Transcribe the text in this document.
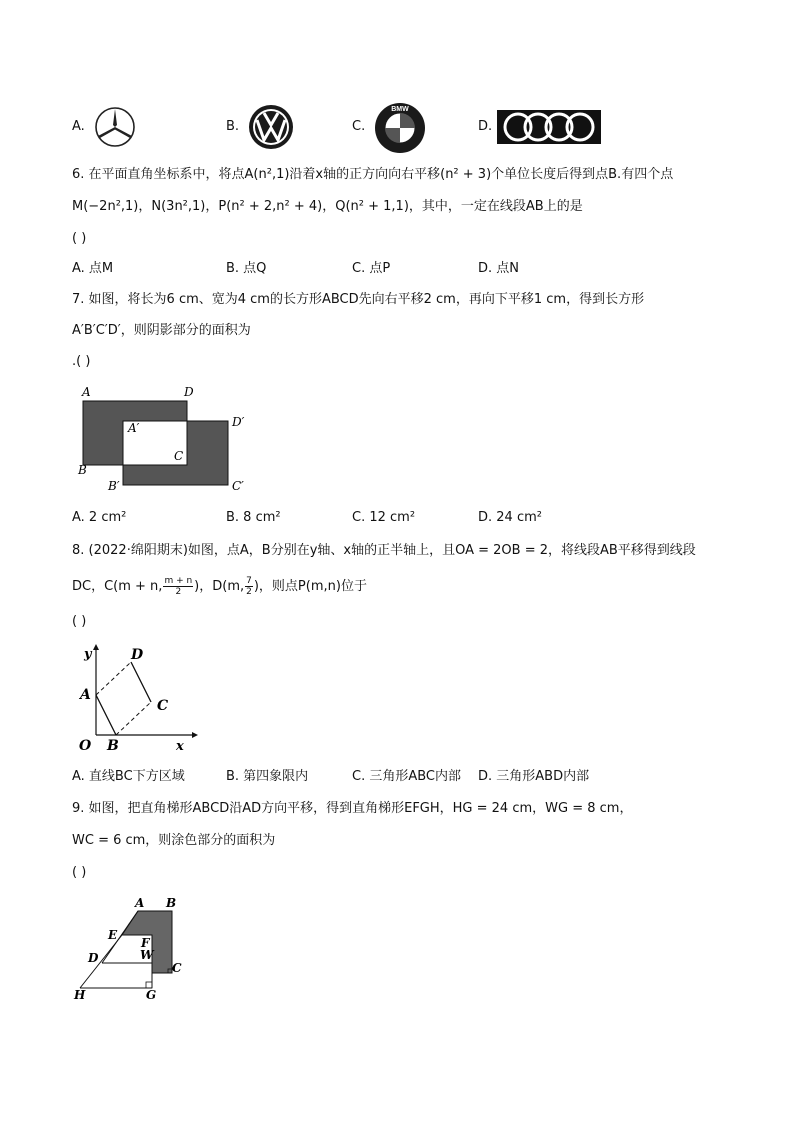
A.	B.	C.
BMW
D.
6. 在平面直角坐标系中，将点A(n²,1)沿着x轴的正方向向右平移(n² + 3)个单位长度后得到点B.有四个点
M(−2n²,1)，N(3n²,1)，P(n² + 2,n² + 4)，Q(n² + 1,1)，其中，一定在线段AB上的是
( )
A. 点M	B. 点Q	C. 点P	D. 点N
7. 如图，将长为6 cm、宽为4 cm的长方形ABCD先向右平移2 cm，再向下平移1 cm，得到长方形
A′B′C′D′，则阴影部分的面积为
.( )
A	D
A′	D′
C
B
B′	C′
A. 2 cm²	B. 8 cm²	C. 12 cm²	D. 24 cm²
8. (2022·绵阳期末)如图，点A，B分别在y轴、x轴的正半轴上，且OA = 2OB = 2，将线段AB平移得到线段
DC，C(m + n, $\frac{m + n}{2}$ )，D(m, $\frac{7}{2}$ )，则点P(m,n)位于
( )
y
x
O
A
B
C
D
A. 直线BC下方区域	B. 第四象限内	C. 三角形ABC内部 D. 三角形ABD内部
9. 如图，把直角梯形ABCD沿AD方向平移，得到直角梯形EFGH，HG = 24 cm，WG = 8 cm，
WC = 6 cm，则涂色部分的面积为
( )
A B
E
F
W
D
C
H	G
